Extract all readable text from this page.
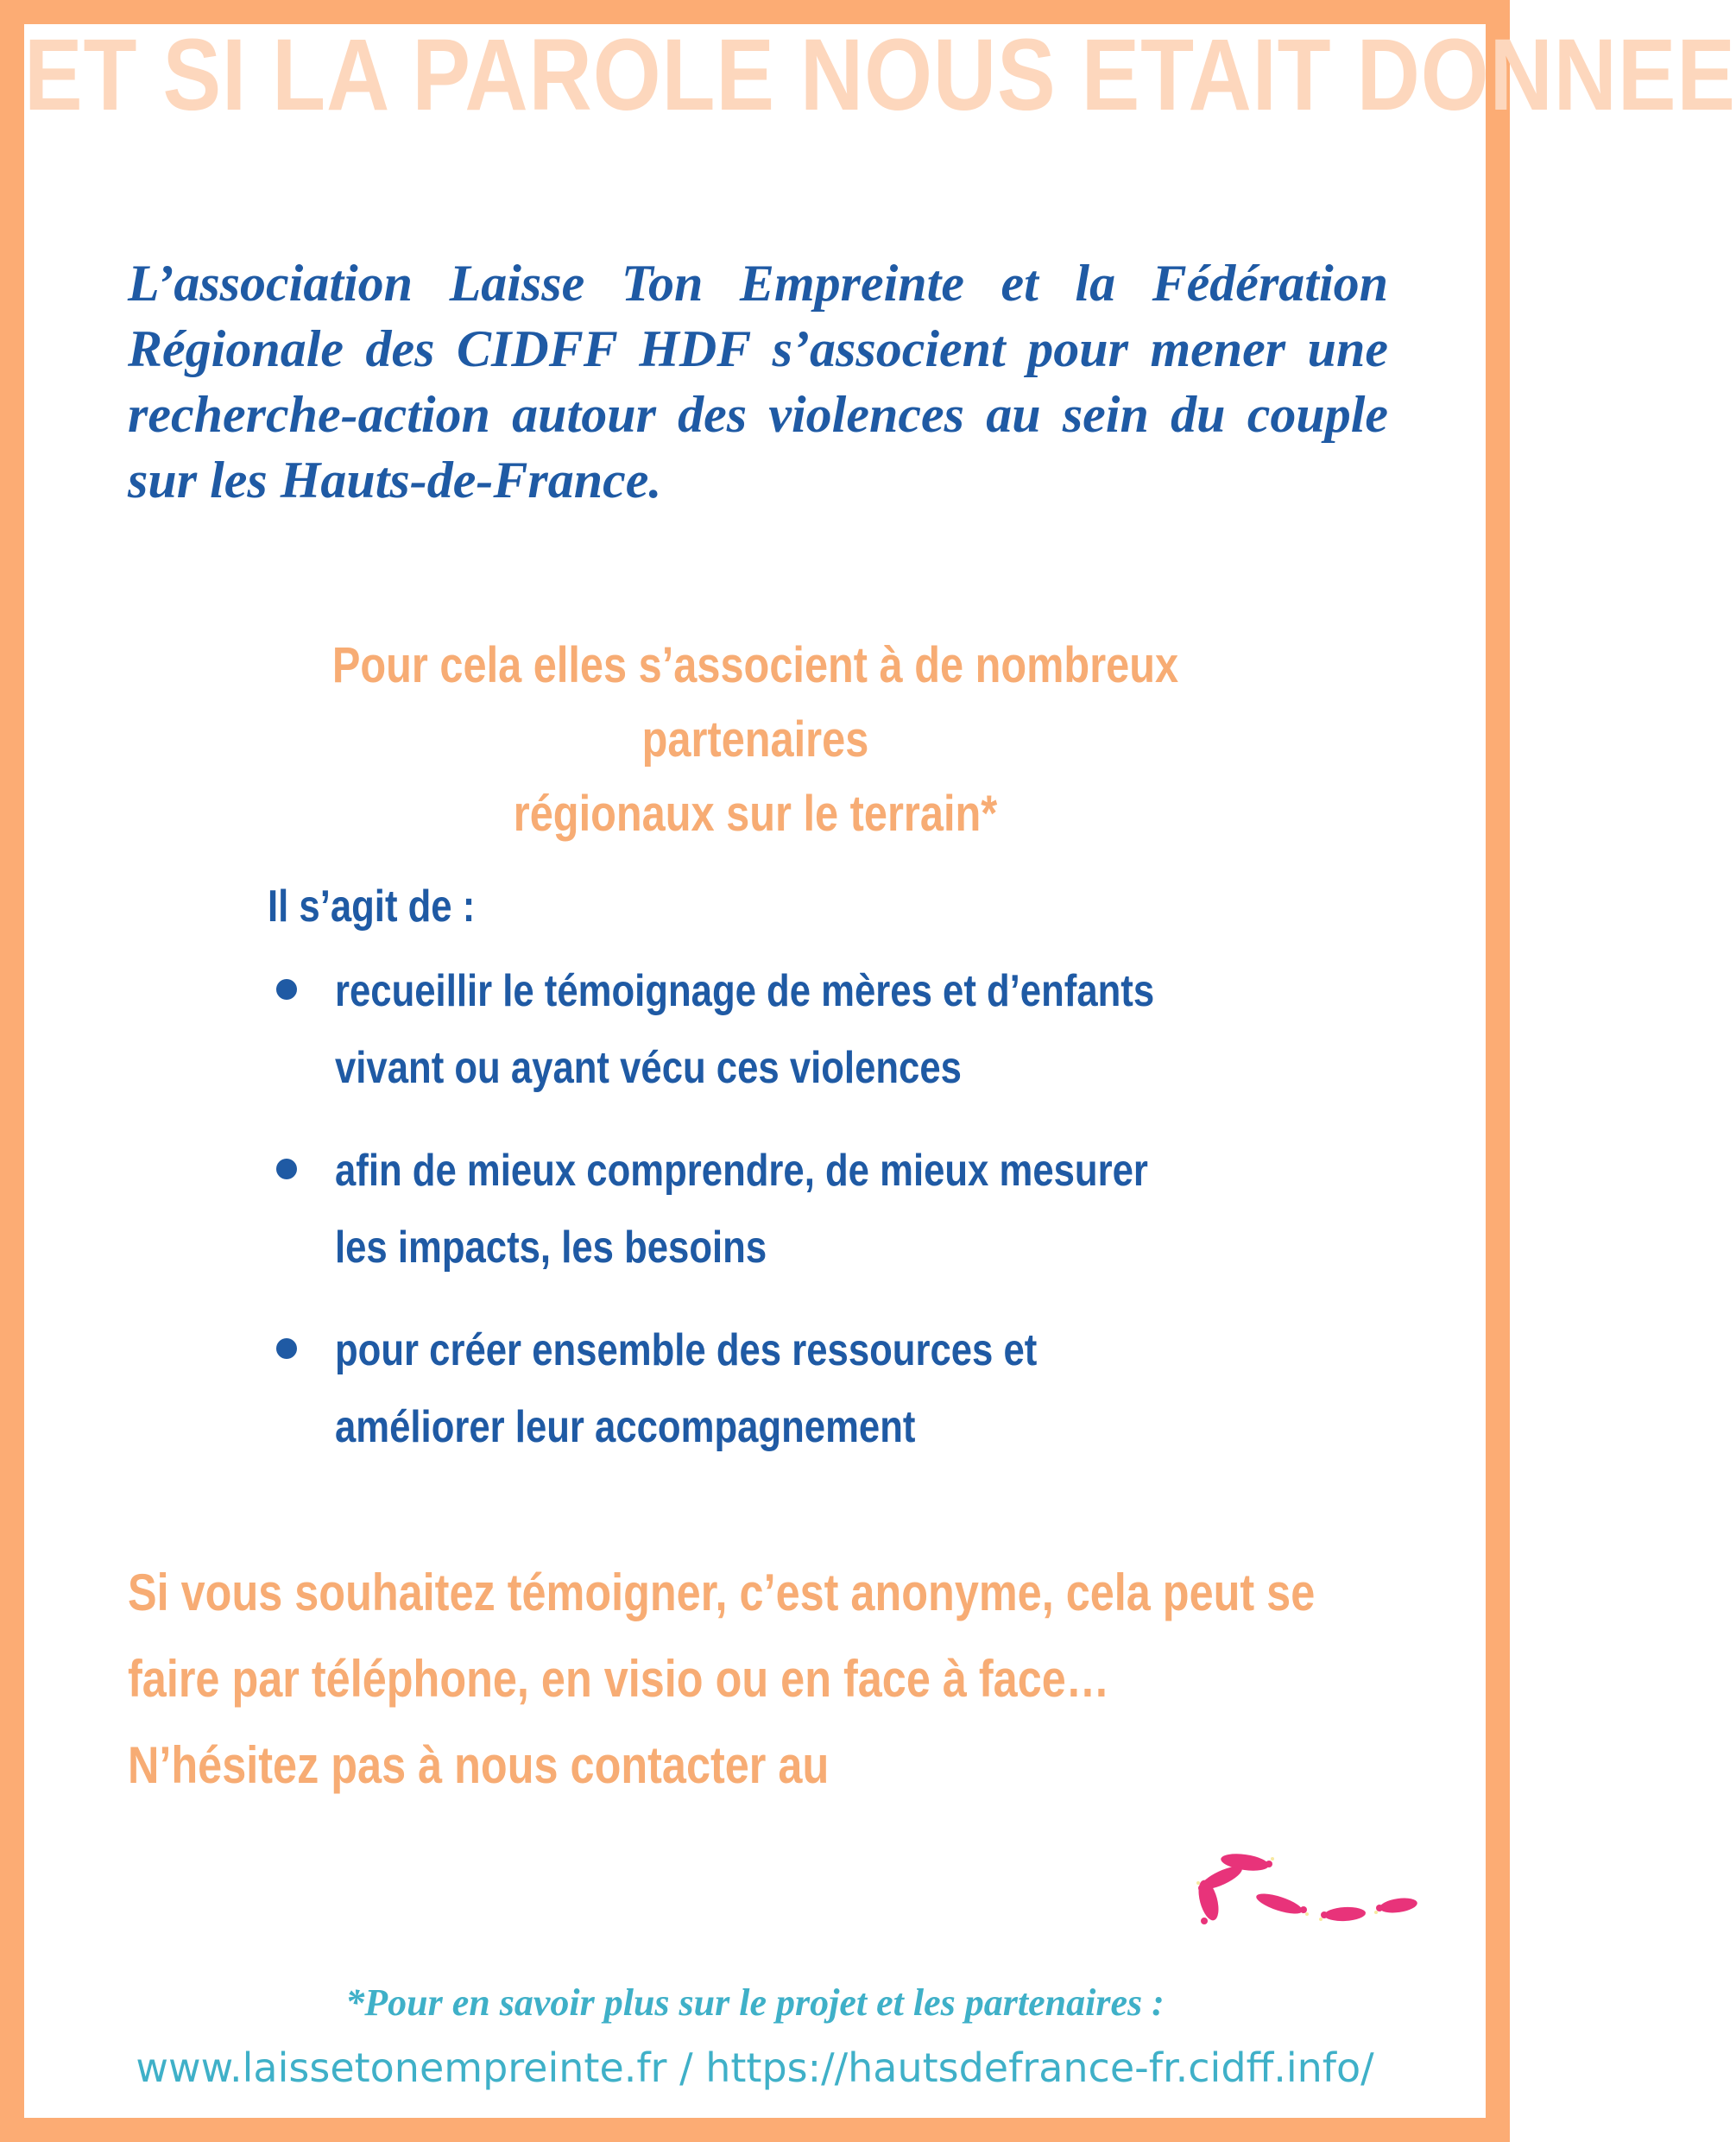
ET SI LA PAROLE NOUS ETAIT DONNEE

L’association Laisse Ton Empreinte et la Fédération Régionale des CIDFF HDF s’associent pour mener une recherche-action autour des violences au sein du couple sur les Hauts-de-France.

Pour cela elles s’associent à de nombreux partenaires
régionaux sur le terrain*

Il s’agit de :

recueillir le témoignage de mères et d’enfants
vivant ou ayant vécu ces violences
afin de mieux comprendre, de mieux mesurer
les impacts, les besoins
pour créer ensemble des ressources et
améliorer leur accompagnement
Si vous souhaitez témoigner, c’est anonyme, cela peut se
faire par téléphone, en visio ou en face à face…
N’hésitez pas à nous contacter au

*Pour en savoir plus sur le projet et les partenaires :

www.laissetonempreinte.fr / https://hautsdefrance-fr.cidff.info/
